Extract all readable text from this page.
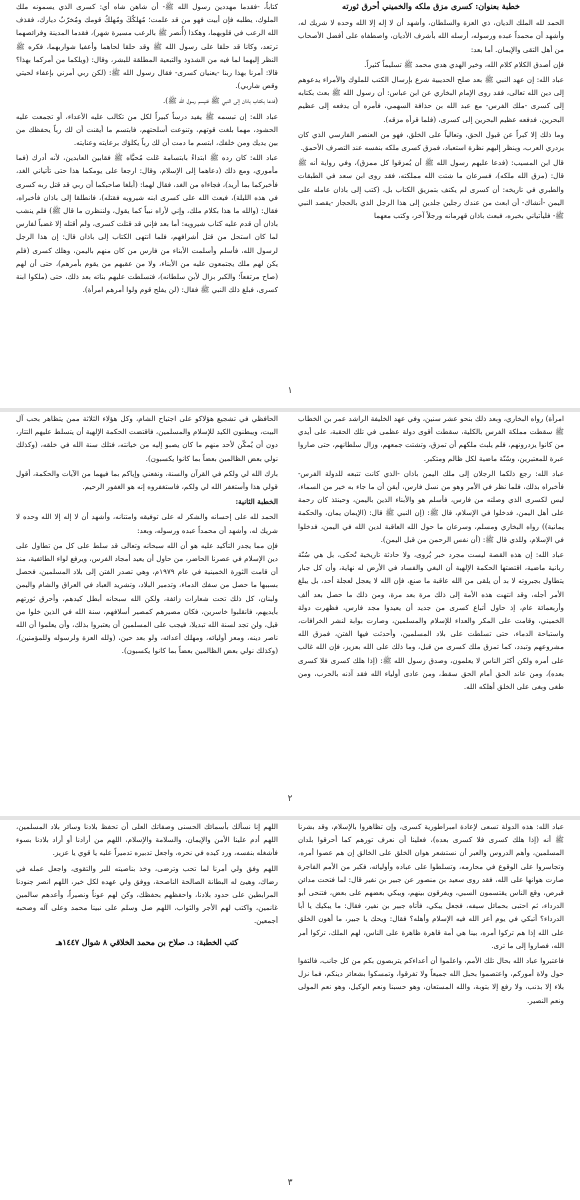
خطبة بعنوان: كسرى مزق ملكه والخميني أحرق ثورته

الحمد لله الملك الديان، ذي العزة والسلطان، وأشهد أن لا إله إلا الله وحده لا شريك له، وأشهد أن محمداً عبده ورسوله، أرسله الله بأشرف الأديان، واصطفاه على أفضل الأصحاب من أهل التقى والإيمان. أما بعد:

فإن أصدق الكلام كلام الله، وخير الهدي هدي محمد ﷺ تسليماً كثيراً.

عباد الله: إن عهد النبي ﷺ بعد صلح الحديبية شرع بإرسال الكتب للملوك والأمراء يدعوهم إلى دين الله تعالى، فقد روى الإمام البخاري عن ابن عباس: أن رسول الله ﷺ بعث بكتابه إلى كسرى -ملك الفرس- مع عبد الله بن حذافة السهمي، فأمره أن يدفعه إلى عظيم البحرين، فدفعه عظيم البحرين إلى كسرى، (فلما قرأه مزقه).

وما ذلك إلا كبراً عن قبول الحق، وتعالياً على الخلق، فهو من العنصر الفارسي الذي كان يزدري العرب، وينظر إليهم نظرة استعباد، فمزق كسرى ملكه بنفسه عند التصرف الأحمق.

قال ابن المسيب: (فدعا عليهم رسول الله ﷺ أن يُمزقوا كل ممزق)، وفي رواية أنه ﷺ قال: (مزق الله ملكه)، فسرعان ما شتت الله مملكته، فقد روى ابن سعد في الطبقات والطبري في تاريخه: أن كسرى لم يكتف بتمزيق الكتاب بل، (كتب إلى باذان عامله على اليمن -أنشاك- أن ابعث من عندك رجلين جلدين إلى هذا الرجل الذي بالحجاز -يقصد النبي ﷺ- فليأتياني بخبره، فبعث باذان قهرمانه ورجلاً آخر، وكتب معهما

كتاباً، -فقدما مهددين رسول الله ﷺ- أن شاهن شاه أي: كسرى الذي يسمونه ملك الملوك، يطلبه فإن أبيت فهو من قد علمت؛ مُهلكُكَ ومُهلكُ قومك ومُخرّبٌ ديارك، فقذف الله الرعب في قلوبهما، وهكذا (أُنصر ﷺ بالرعب مسيرة شهر)، فقدما المدينة وفرائصهما ترتعد، وكانا قد حلقا على رسول الله ﷺ وقد حلقا لحاهما وأعفيا شواربهما، فكره ﷺ النظر إليهما لما فيه من الشذوذ والتبعية المطلقة للبشر، وقال: (ويلكما من أمركما بهذا؟ قالا: أمرنا بهذا ربنا -يعنيان كسرى- فقال رسول الله ﷺ: (لكن ربي أمرني بإعفاء لحيتي وقص شاربي).

(فدعا بكتاب باذان إلى النبي ﷺ فنيسم رسول الله ﷺ).

عباد الله: إن تبسمه ﷺ يفيد درساً كبيراً لكل من تكالب عليه الأعداء، أو تجمعت عليه الحشود، مهما بلغت قوتهم، وتنوعت أسلحتهم، فابتسم ما أيقنت أن لك رباً يحفظك من بين يديك ومن خلفك، ابتسم ما دمت أن لك رباً يكلؤك برعايته وعنايته.

عباد الله: كان رده ﷺ ابتداءً بابتسامة عَلت مُحيَّاه ﷺ فقابين العابدين، لأنه أدرك (فما مأموري، ومع ذلك (دعاهما إلى الإسلام، وقال: ارجعا على يومكما هذا حتى تأتياني الغد، فأخبركما بما أريد)، فجاءاه من الغد، فقال لهما: (أبلغا صاحبكما أن ربي قد قتل ربه كسرى في هذه الليلة)، فيعث الله على كسرى ابنه شيرويه فقتله)، فانطلقا إلى باذان فأخبراه، فقال: (والله ما هذا بكلام ملك، وإني لأراه نبياً كما يقول، ولننظرن ما قال ﷺ) فلم ينشب باذان أن قدم عليه كتاب شيرويه: أما بعد فإني قد قتلت كسرى، ولم أقتله إلا غضباً لفارس لما كان استحل من قتل أشرافهم، فلما انتهى الكتاب إلى باذان قال: إن هذا الرجل لرسول الله، فأسلم وأسلمت الأبناء من فارس من كان منهم باليمن، وهلك كسرى (فلم يكن لهم ملك يجتمعون عليه من الأبناء، ولا من عقبهم من يقوم بأمرهم)، حتى أن لهم (صاح مرتفعاً؛ والكبر بزال لأبن سلطانه)، فتسلطت عليهم بناته بعد ذلك، حتى (ملكوا ابنة كسرى، فبلغ ذلك النبي ﷺ فقال: (لن يفلح قوم ولوا أمرهم امرأة).

١

امرأة) رواه البخاري، وبعد ذلك بنحو عشر سنين، وفي عهد الخليفة الراشد عمر بن الخطاب ﷺ سقطت مملكة الفرس بالكلية، سقطت أقوى دولة عظمى في تلك الحقبة، على أيدي من كانوا يزدرونهم، فلم يلبث ملكهم أن تمزق، وتشتت جمعهم، وزال سلطانهم، حتى صاروا عبرة للمعتبرين، وسُنّة ماضية لكل ظالم ومتكبر.

عباد الله: رجع ذلكما الرجلان إلى ملك اليمن باذان -الذي كانت تتبعه للدولة الفرس- فأخبراه بذلك، فلما نظر في الأمر وهو من نسل فارس، أيقن أن ما جاء به خير من السماء، ليس لكسرى الذي وصلته من فارس، فأسلم هو والأبناء الذين باليمن، وحينئذ كان رحمة على أهل اليمن، فدخلوا في الإسلام، قال ﷺ: (إن النبي ﷺ قال: (الإيمان يمان، والحكمة يمانية)) رواه البخاري ومسلم، وسرعان ما حول الله العاقبة لدين الله في اليمن، فدخلوا في الإسلام، وللذي قال ﷺ: (أن نفس الرحمن من قبل اليمن).

عباد الله: إن هذه القصة ليست مجرد خبر يُروى، ولا حادثة تاريخية تُحكى، بل هي سُنّة ربانية ماضية، اقتضتها الحكمة الإلهية أن البغي والفساد في الأرض له نهاية، وأن كل جبار يتطاول بجبروته لا بد أن يلقى من الله عاقبة ما صنع، فإن الله لا يعجل لعجلة أحد، بل يبلغ الأمر أجله، وقد انتهت هذه الأمة إلى ذلك مرة بعد مرة، ومن ذلك ما حصل بعد ألف وأربعمائة عام، إذ حاول أتباع كسرى من جديد أن يعيدوا مجد فارس، فظهرت دولة الخميني، وقامت على المكر والعداء للإسلام والمسلمين، وصارت بوابة لنشر الخرافات، واستباحة الدماء، حتى تسلطت على بلاد المسلمين، وأحدثت فيها الفتن، فمزق الله مشروعهم وتبدد، كما تمزق ملك كسرى من قبل، وما ذلك على الله بعزيز، فإن الله غالب على أمره ولكن أكثر الناس لا يعلمون، وصدق رسول الله ﷺ: (إذا هلك كسرى فلا كسرى بعده)، ومن عاند الحق أمام الحق سقط، ومن عادى أولياء الله فقد آذنه بالحرب، ومن طغى وبغى على الخلق أهلكه الله.

الحافظي في تشجيع هؤلاكو على اجتياح الشام، وكل هؤلاء الثلاثة ممن يتظاهر بحب آل البيت، ويبطنون الكيد للإسلام والمسلمين، فاقتضت الحكمة الإلهية أن يتسلط عليهم التتار، دون أن يُمكّن لأحد منهم ما كان يصبو إليه من خيانته، فتلك سنة الله في خلقه، (وكذلك نولي بعض الظالمين بعضاً بما كانوا يكسبون).

بارك الله لي ولكم في القرآن والسنة، ونفعني وإياكم بما فيهما من الآيات والحكمة، أقول قولي هذا وأستغفر الله لي ولكم، فاستغفروه إنه هو الغفور الرحيم.

الخطبة الثانية:

الحمد لله على إحسانه والشكر له على توفيقه وامتنانه، وأشهد أن لا إله إلا الله وحده لا شريك له، وأشهد أن محمداً عبده ورسوله، وبعد:

فإن مما يجدر التأكيد عليه هو أن الله سبحانه وتعالى قد سلط على كل من تطاول على دين الإسلام في عصرنا الحاضر، من حاول أن يعيد أمجاد الفرس، ويرفع لواء الطائفية، منذ أن قامت الثورة الخمينية في عام ١٩٧٩م، وهي تصدر الفتن إلى بلاد المسلمين، فحصل بسببها ما حصل من سفك الدماء، وتدمير البلاد، وتشريد العباد في العراق والشام واليمن ولبنان، كل ذلك تحت شعارات زائفة، ولكن الله سبحانه أبطل كيدهم، وأحرق ثورتهم بأيديهم، فانقلبوا خاسرين، فكان مصيرهم كمصير أسلافهم، سنة الله في الذين خلوا من قبل، ولن تجد لسنة الله تبديلا، فيجب على المسلمين أن يعتبروا بذلك، وأن يعلموا أن الله ناصر دينه، ومعز أوليائه، ومهلك أعدائه، ولو بعد حين، (ولله العزة ولرسوله وللمؤمنين)، (وكذلك نولي بعض الظالمين بعضاً بما كانوا يكسبون).

٢

عباد الله: هذه الدولة تسعى لإعادة امبراطورية كسرى، وإن تظاهروا بالإسلام، وقد بشرنا ﷺ أنه (إذا هلك كسرى فلا كسرى بعده)، فعلينا أن نعرف تورهم كما أحرقوا بلدان المسلمين، وأهم الدروس والعبر أن نستشعر هوان الخلق على الخالق إن هم عصوا أمره، وتجاسروا على الوقوع في محارمه، وتسلطوا على عباده وأوليائه، فكبر من الأمم الفاجرة صارت هوانها على الله، فقد روى سعيد بن منصور عن جبير بن نفير قال: لما فتحت مدائن قبرص، وقع الناس يقتسمون السبي، ويفرقون بينهم، ويبكي بعضهم على بعض، فتنحى أبو الدرداء، ثم احتبى بحمائل سيفه، فجعل يبكي، فأتاه جبير بن نفير، فقال: ما يبكيك يا أبا الدرداء؟ أتبكي في يوم أعز الله فيه الإسلام وأهله؟ فقال: ويحك يا جبير، ما أهون الخلق على الله إذا هم تركوا أمره، بينا هي أمة قاهرة ظاهرة على الناس، لهم الملك، تركوا أمر الله، فصاروا إلى ما ترى.

فاعتبروا عباد الله بحال تلك الأمم، واعلموا أن أعداءكم يتربصون بكم من كل جانب، فالتفوا حول ولاة أموركم، واعتصموا بحبل الله جميعاً ولا تفرقوا، وتمسكوا بشعائر دينكم، فما نزل بلاء إلا بذنب، ولا رفع إلا بتوبة، والله المستعان، وهو حسبنا ونعم الوكيل، وهو نعم المولى ونعم النصير.

اللهم إنا نسألك بأسمائك الحسنى وصفاتك العلى أن تحفظ بلادنا وسائر بلاد المسلمين، اللهم أدم علينا الأمن والإيمان، والسلامة والإسلام، اللهم من أرادنا أو أراد بلادنا بسوء فأشغله بنفسه، ورد كيده في نحره، واجعل تدبيره تدميراً عليه يا قوي يا عزيز.

اللهم وفق ولي أمرنا لما تحب وترضى، وخذ بناصيته للبر والتقوى، واجعل عمله في رضاك، وهيئ له البطانة الصالحة الناصحة، ووفق ولي عهده لكل خير، اللهم انصر جنودنا المرابطين على حدود بلادنا، واحفظهم بحفظك، وكن لهم عوناً ونصيراً، وأعدهم سالمين غانمين، واكتب لهم الأجر والثواب، اللهم صل وسلم على نبينا محمد وعلى آله وصحبه أجمعين.

كتب الخطبة: د. صلاح بن محمد الخلاقي ٨ شوال ١٤٤٧هـ

٣
